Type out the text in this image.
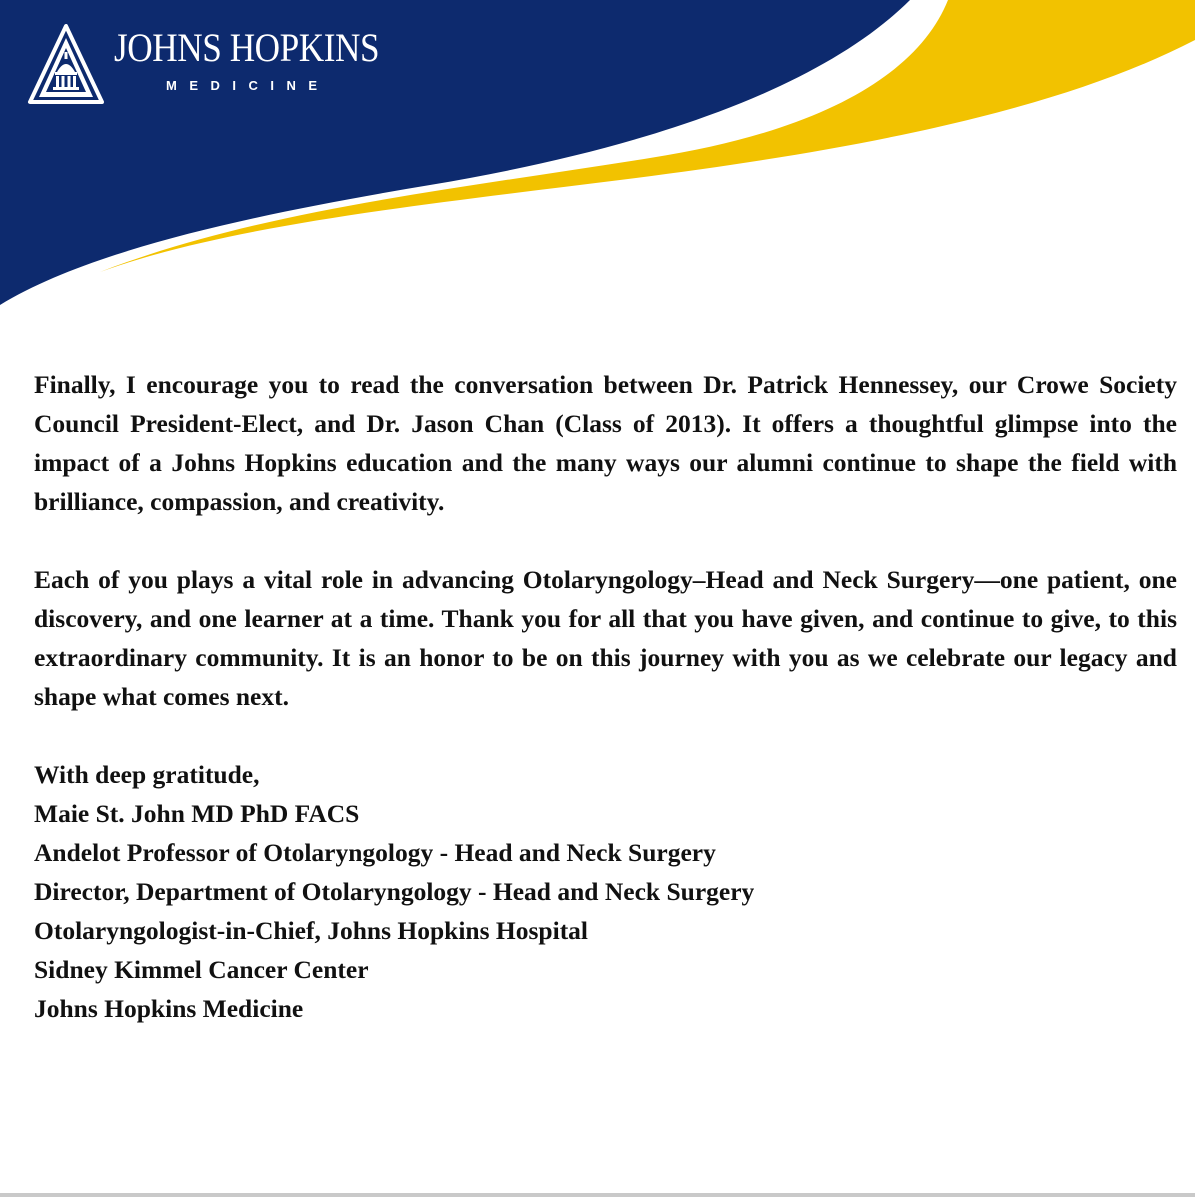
JOHNS HOPKINS
MEDICINE

Finally, I encourage you to read the conversation between Dr. Patrick Hennessey, our Crowe Society Council President-Elect, and Dr. Jason Chan (Class of 2013). It offers a thoughtful glimpse into the impact of a Johns Hopkins education and the many ways our alumni continue to shape the field with brilliance, compassion, and creativity.

Each of you plays a vital role in advancing Otolaryngology–Head and Neck Surgery—one patient, one discovery, and one learner at a time. Thank you for all that you have given, and continue to give, to this extraordinary community. It is an honor to be on this journey with you as we celebrate our legacy and shape what comes next.

With deep gratitude,
Maie St. John MD PhD FACS
Andelot Professor of Otolaryngology - Head and Neck Surgery
Director, Department of Otolaryngology - Head and Neck Surgery
Otolaryngologist-in-Chief, Johns Hopkins Hospital
Sidney Kimmel Cancer Center
Johns Hopkins Medicine
